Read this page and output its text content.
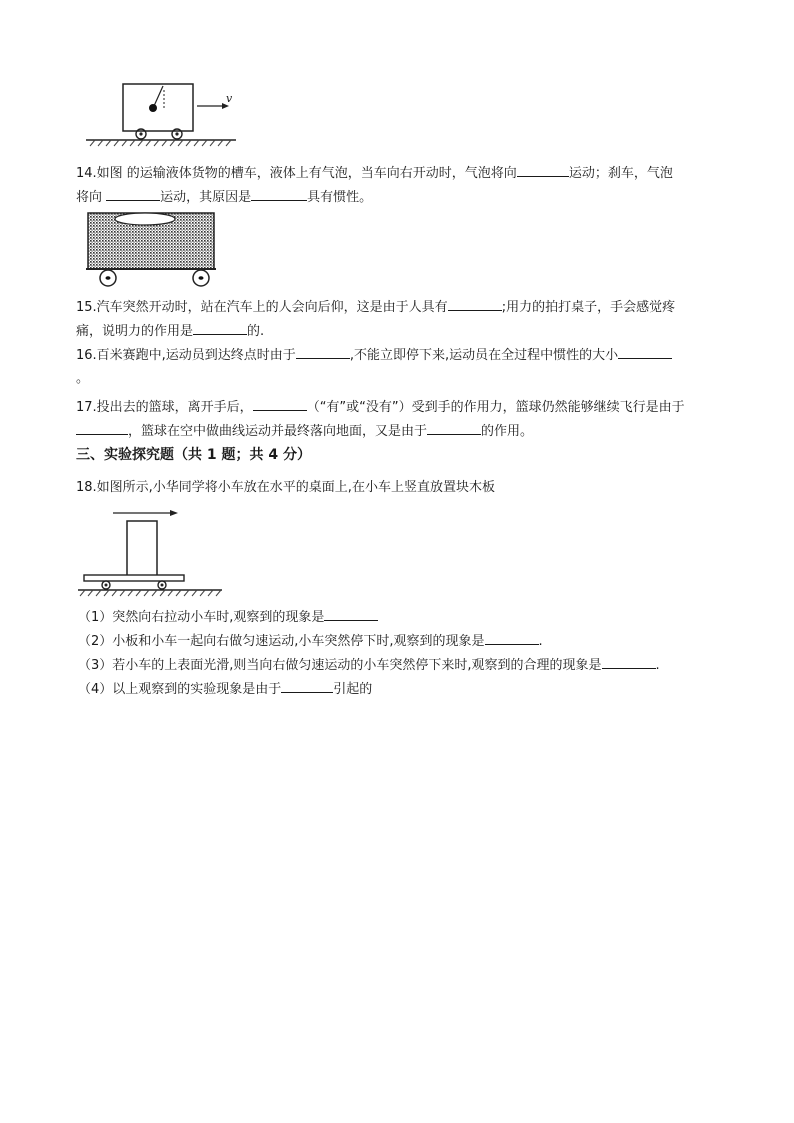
v
14.如图 的运输液体货物的槽车，液体上有气泡，当车向右开动时，气泡将向	运动；刹车，气泡
将向	运动，其原因是	具有惯性。
15.汽车突然开动时，站在汽车上的人会向后仰，这是由于人具有	;用力的拍打桌子，手会感觉疼
痛，说明力的作用是	的.
16.百米赛跑中,运动员到达终点时由于	,不能立即停下来,运动员在全过程中惯性的大小
。
17.投出去的篮球，离开手后，	（“有”或“没有”）受到手的作用力，篮球仍然能够继续飞行是由于
，篮球在空中做曲线运动并最终落向地面，又是由于	的作用。
三、实验探究题（共 1 题；共 4 分）
18.如图所示,小华同学将小车放在水平的桌面上,在小车上竖直放置块木板
（1）突然向右拉动小车时,观察到的现象是
（2）小板和小车一起向右做匀速运动,小车突然停下时,观察到的现象是	.
（3）若小车的上表面光滑,则当向右做匀速运动的小车突然停下来时,观察到的合理的现象是	.
（4）以上观察到的实验现象是由于	引起的
